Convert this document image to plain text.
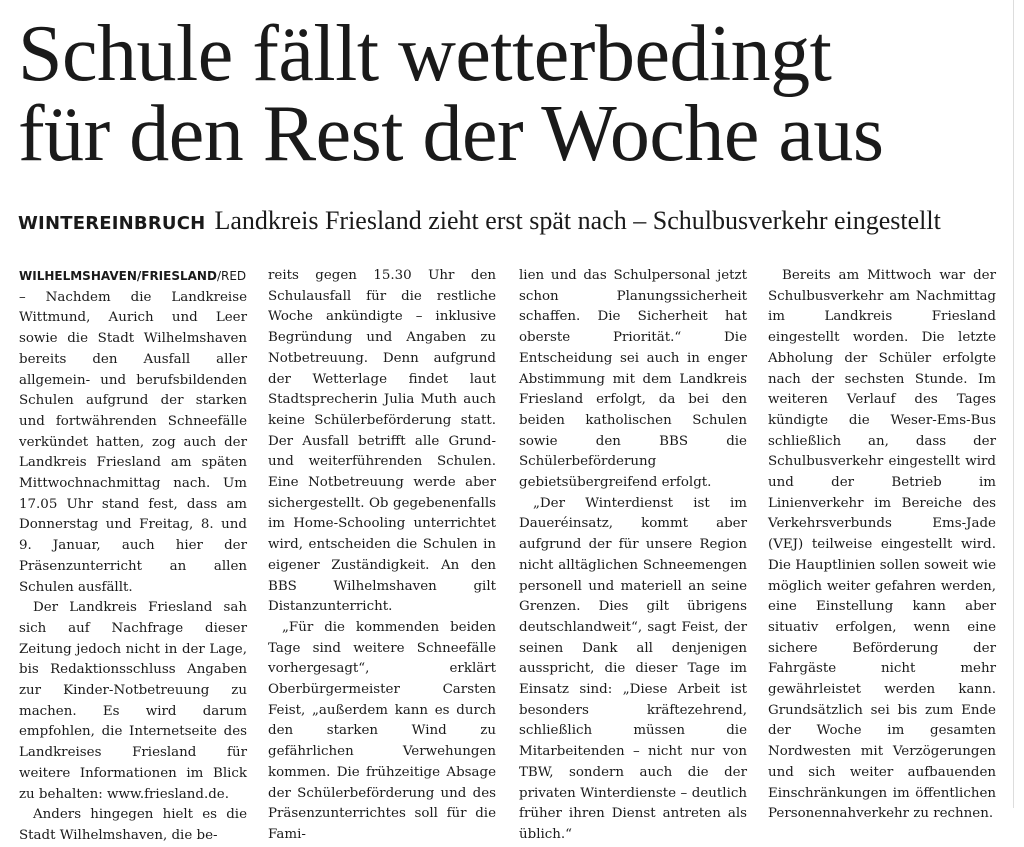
Schule fällt wetterbedingt
für den Rest der Woche aus
WINTEREINBRUCH Landkreis Friesland zieht erst spät nach – Schulbusverkehr eingestellt

WILHELMSHAVEN/FRIESLAND/RED
– Nachdem die Landkreise Wittmund, Aurich und Leer sowie die Stadt Wilhelmshaven bereits den Ausfall aller allgemein- und berufsbildenden Schulen aufgrund der starken und fortwährenden Schneefälle verkündet hatten, zog auch der Landkreis Friesland am späten Mittwochnachmittag nach. Um 17.05 Uhr stand fest, dass am Donnerstag und Freitag, 8. und 9. Januar, auch hier der Präsenzunterricht an allen Schulen ausfällt.

Der Landkreis Friesland sah sich auf Nachfrage dieser Zeitung jedoch nicht in der Lage, bis Redaktionsschluss Angaben zur Kinder-Notbetreuung zu machen. Es wird darum empfohlen, die Internetseite des Landkreises Friesland für weitere Informationen im Blick zu behalten: www.friesland.de.

Anders hingegen hielt es die Stadt Wilhelmshaven, die be-

reits gegen 15.30 Uhr den Schulausfall für die restliche Woche ankündigte – inklusive Begründung und Angaben zu Notbetreuung. Denn aufgrund der Wetterlage findet laut Stadtsprecherin Julia Muth auch keine Schülerbeförderung statt. Der Ausfall betrifft alle Grund- und weiterführenden Schulen. Eine Notbetreuung werde aber sichergestellt. Ob gegebenenfalls im Home-Schooling unterrichtet wird, entscheiden die Schulen in eigener Zuständigkeit. An den BBS Wilhelmshaven gilt Distanzunterricht.

„Für die kommenden beiden Tage sind weitere Schneefälle vorhergesagt“, erklärt Oberbürgermeister Carsten Feist, „außerdem kann es durch den starken Wind zu gefährlichen Verwehungen kommen. Die frühzeitige Absage der Schülerbeförderung und des Präsenzunterrichtes soll für die Fami-

lien und das Schulpersonal jetzt schon Planungssicherheit schaffen. Die Sicherheit hat oberste Priorität.“ Die Entscheidung sei auch in enger Abstimmung mit dem Landkreis Friesland erfolgt, da bei den beiden katholischen Schulen sowie den BBS die Schülerbeförderung gebietsübergreifend erfolgt.

„Der Winterdienst ist im Daueréinsatz, kommt aber aufgrund der für unsere Region nicht alltäglichen Schneemengen personell und materiell an seine Grenzen. Dies gilt übrigens deutschlandweit“, sagt Feist, der seinen Dank all denjenigen ausspricht, die dieser Tage im Einsatz sind: „Diese Arbeit ist besonders kräftezehrend, schließlich müssen die Mitarbeitenden – nicht nur von TBW, sondern auch die der privaten Winterdienste – deutlich früher ihren Dienst antreten als üblich.“

Bereits am Mittwoch war der Schulbusverkehr am Nachmittag im Landkreis Friesland eingestellt worden. Die letzte Abholung der Schüler erfolgte nach der sechsten Stunde. Im weiteren Verlauf des Tages kündigte die Weser-Ems-Bus schließlich an, dass der Schulbusverkehr eingestellt wird und der Betrieb im Linienverkehr im Bereiche des Verkehrsverbunds Ems-Jade (VEJ) teilweise eingestellt wird. Die Hauptlinien sollen soweit wie möglich weiter gefahren werden, eine Einstellung kann aber situativ erfolgen, wenn eine sichere Beförderung der Fahrgäste nicht mehr gewährleistet werden kann. Grundsätzlich sei bis zum Ende der Woche im gesamten Nordwesten mit Verzögerungen und sich weiter aufbauenden Einschränkungen im öffentlichen Personennahverkehr zu rechnen.
